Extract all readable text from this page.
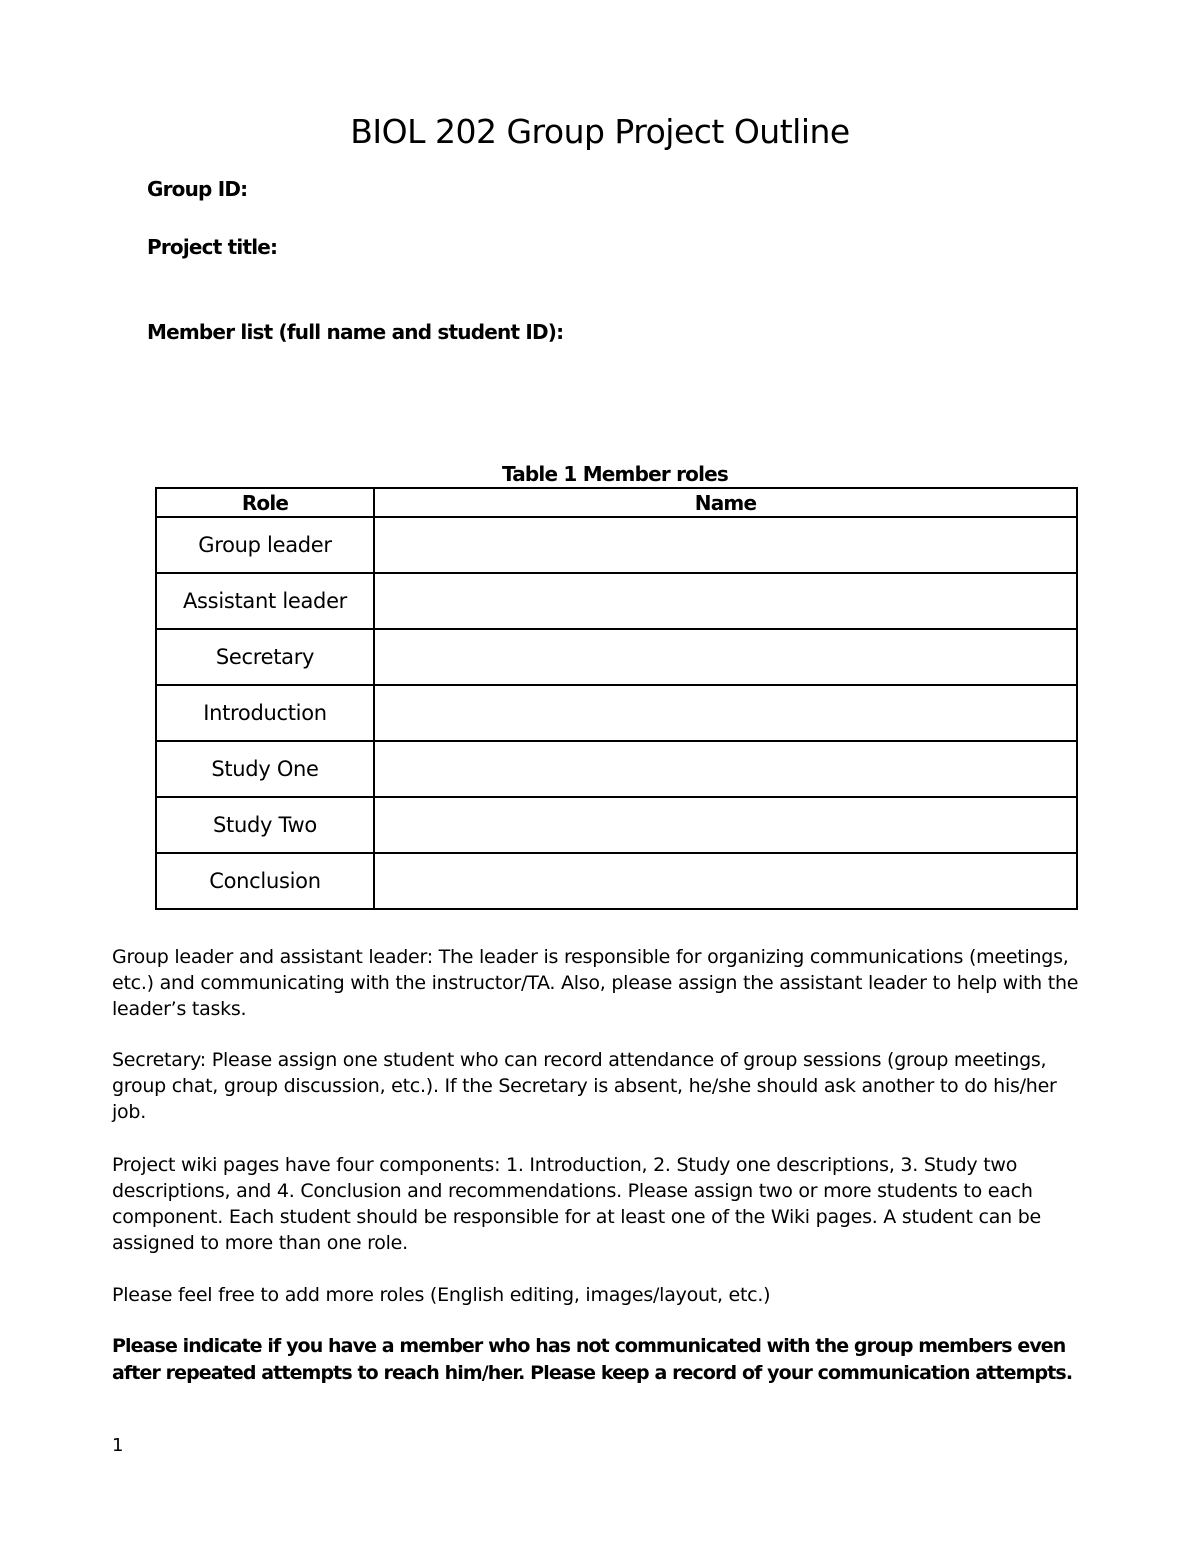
BIOL 202 Group Project Outline

Group ID:

Project title:

Member list (full name and student ID):

Table 1 Member roles

Role	Name
Group leader	
Assistant leader	
Secretary	
Introduction	
Study One	
Study Two	
Conclusion	

Group leader and assistant leader: The leader is responsible for organizing communications (meetings, etc.) and communicating with the instructor/TA. Also, please assign the assistant leader to help with the leader’s tasks.

Secretary: Please assign one student who can record attendance of group sessions (group meetings, group chat, group discussion, etc.). If the Secretary is absent, he/she should ask another to do his/her job.

Project wiki pages have four components: 1. Introduction, 2. Study one descriptions, 3. Study two descriptions, and 4. Conclusion and recommendations. Please assign two or more students to each component. Each student should be responsible for at least one of the Wiki pages. A student can be assigned to more than one role.

Please feel free to add more roles (English editing, images/layout, etc.)

Please indicate if you have a member who has not communicated with the group members even after repeated attempts to reach him/her. Please keep a record of your communication attempts.

1
